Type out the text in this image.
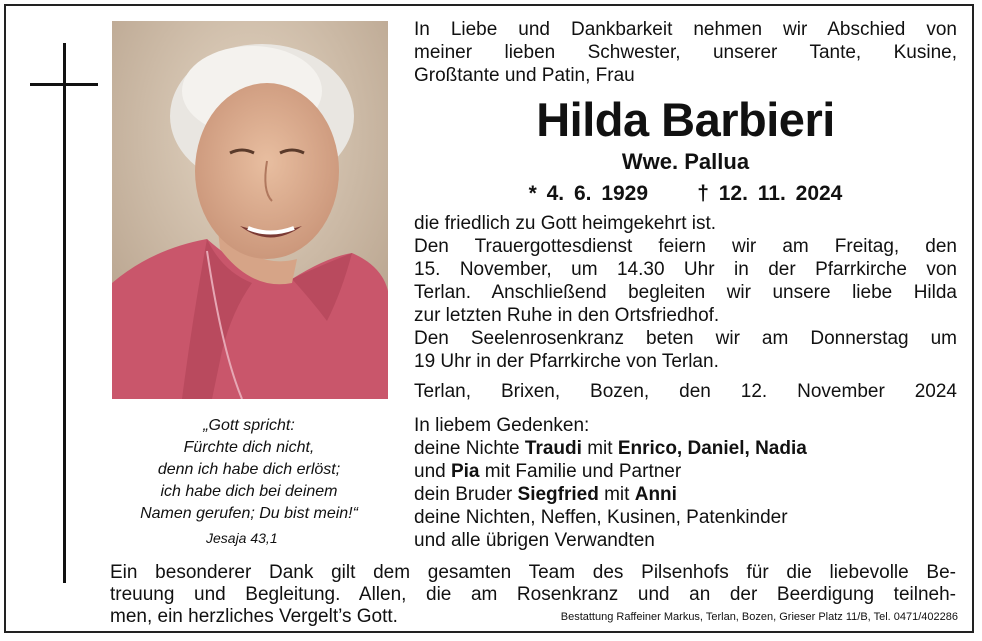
„Gott spricht:
Fürchte dich nicht,
denn ich habe dich erlöst;
ich habe dich bei deinem
Namen gerufen; Du bist mein!“
Jesaja 43,1
In Liebe und Dankbarkeit nehmen wir Abschied von
meiner lieben Schwester, unserer Tante, Kusine,
Großtante und Patin, Frau
Hilda Barbieri
Wwe. Pallua
* 4. 6. 1929 † 12. 11. 2024
die friedlich zu Gott heimgekehrt ist.
Den Trauergottesdienst feiern wir am Freitag, den
15. November, um 14.30 Uhr in der Pfarrkirche von
Terlan. Anschließend begleiten wir unsere liebe Hilda
zur letzten Ruhe in den Ortsfriedhof.
Den Seelenrosenkranz beten wir am Donnerstag um
19 Uhr in der Pfarrkirche von Terlan.
Terlan, Brixen, Bozen, den 12. November 2024
In liebem Gedenken:
deine Nichte Traudi mit Enrico, Daniel, Nadia
und Pia mit Familie und Partner
dein Bruder Siegfried mit Anni
deine Nichten, Neffen, Kusinen, Patenkinder
und alle übrigen Verwandten
Ein besonderer Dank gilt dem gesamten Team des Pilsenhofs für die liebevolle Be-
treuung und Begleitung. Allen, die am Rosenkranz und an der Beerdigung teilneh-
men, ein herzliches Vergelt’s Gott.	Bestattung Raffeiner Markus, Terlan, Bozen, Grieser Platz 11/B, Tel. 0471/402286
